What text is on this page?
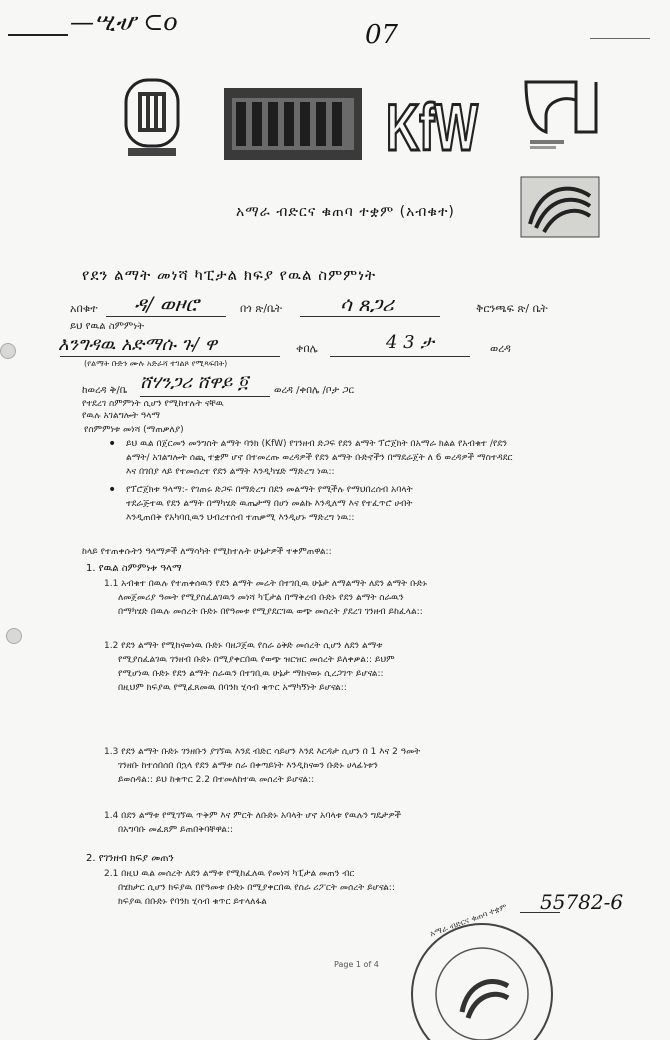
—ሢሇ ⊂o	07
KfW
አማራ ብድርና ቁጠባ ተቋም (አብቁተ)
የደን ልማት መነሻ ካፒታል ክፍያ የዉል ስምምነት
አበቁተ ዳ/ ወዞሮ	በጎ ጽ/ቤት	ሳ ጸጋሪ	ቅርንጫፍ ጽ/ ቤት
ይህ የዉል ስምምነት
እንግዳዉ አድማሱ ጉ/ ዋ	ቀበሌ	4 3 ታ	ወረዳ
(የልማት ቡድን ሙሉ አድራሻ ተገልጾ የሚጻፍበት)
ከወረዳ ቅ/ቤ ሸሃንጋሪ ሸዋይ ፬	ወረዳ /ቀበሌ /ቦታ ጋር
የተደረገ ስምምነት ሲሆን የሚከተሉት ናቸዉ
የዉሉ አገልግሎት ዓላማ
የስምምነቱ መነሻ (ማጠቃለያ)
• ይህ ዉል በጀርመን መንግስት ልማት ባንክ (KfW) የገንዘብ ድጋፍ የደን ልማት ፕሮጀክት በአማራ ክልል የአብቁተ /የደን
ልማት/ አገልግሎት ሰጪ ተቋም ሆኖ በተመረጡ ወረዳዎች የደን ልማት ቡድኖችን በማደራጀት ለ 6 ወረዳዎች ማስተዳደር
እና በገበያ ላይ የተመሰረተ የደን ልማት እንዲካሄድ ማድረግ ነዉ::
• የፕሮጀክቱ ዓላማ:- የገጠሩ ድጋፍ በማድረግ በደን መልማት የሚችሉ የማህበረሰብ አባላት
ተደራጅተዉ የደን ልማት በማካሄድ ዉጤታማ በሆነ መልኩ እንዲለማ እና የተፈጥሮ ሀብት
እንዲጠበቅ የአካባቢዉን ህብረተሰብ ተጠቃሚ እንዲሆኑ ማድረግ ነዉ::
ከላይ የተጠቀሱትን ዓላማዎች ለማሳካት የሚከተሉት ሁኔታዎች ተቀምጠዋል::
1. የዉል ስምምነቱ ዓላማ
1.1 አብቁተ በዉሉ የተጠቀሰዉን የደን ልማት መሬት በተገቢዉ ሁኔታ ለማልማት ለደን ልማት ቡድኑ
ለመጀመሪያ ዓመት የሚያስፈልገዉን መነሻ ካፒታል በማቅረብ ቡድኑ የደን ልማት ስራዉን
በማካሄድ በዉሉ መሰረት ቡድኑ በየዓመቱ የሚያደርገዉ ወጭ መሰረት ያደረገ ገንዘብ ይከፈላል::
1.2 የደን ልማት የሚከናወነዉ ቡድኑ ባዘጋጀዉ የስራ ዕቅድ መሰረት ሲሆን ለደን ልማቱ
የሚያስፈልገዉ ገንዘብ ቡድኑ በሚያቀርበዉ የወጭ ዝርዝር መሰረት ይለቀቃል:: ይህም
የሚሆነዉ ቡድኑ የደን ልማት ስራዉን በተገቢዉ ሁኔታ ማከናወኑ ሲረጋገጥ ይሆናል::
በዚህም ክፍያዉ የሚፈጸመዉ በባንክ ሂሳብ ቁጥር አማካኝነት ይሆናል::
1.3 የደን ልማት ቡድኑ ገንዘቡን ያገኘዉ እንደ ብድር ሳይሆን እንደ እርዳታ ሲሆን በ 1 እና 2 ዓመት
ገንዘቡ ከተሰበሰበ በኋላ የደን ልማቱ ስራ በቀጣይነት እንዲከናወን ቡድኑ ሀላፊነቱን
ይወስዳል:: ይህ ከቁጥር 2.2 በተመለከተዉ መሰረት ይሆናል::
1.4 በደን ልማቱ የሚገኘዉ ጥቅም እና ምርት ለቡድኑ አባላት ሆኖ አባላቱ የዉሉን ግዴታዎች
በአግባቡ መፈጸም ይጠበቅባቸዋል::
2. የገንዘብ ክፍያ መጠን
2.1 በዚህ ዉል መሰረት ለደን ልማቱ የሚከፈለዉ የመነሻ ካፒታል መጠን ብር
በሄክታር ሲሆን ክፍያዉ በየዓመቱ ቡድኑ በሚያቀርበዉ የስራ ሪፖርት መሰረት ይሆናል::
ክፍያዉ በቡድኑ የባንክ ሂሳብ ቁጥር ይተላለፋል	55782-6
Page 1 of 4
አማራ ብድርና ቁጠባ ተቋም
